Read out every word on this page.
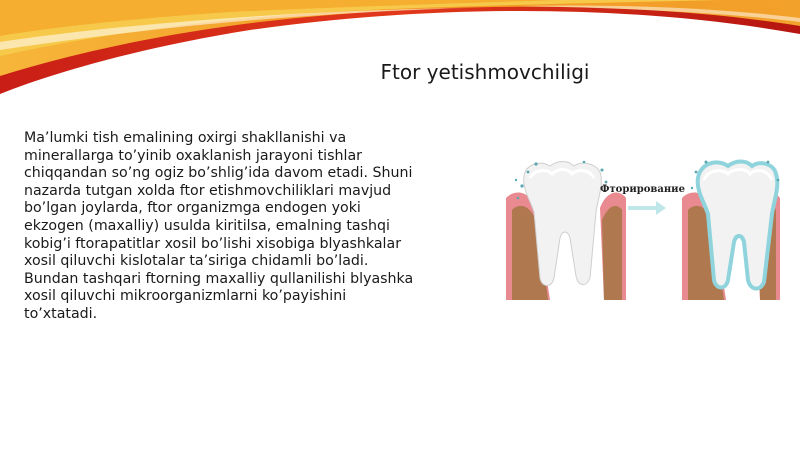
Ftor yetishmovchiligi
Ma’lumki tish emalining oxirgi shakllanishi va minerallarga to’yinib oxaklanish jarayoni tishlar chiqqandan so’ng ogiz bo’shlig’ida davom etadi. Shuni nazarda tutgan xolda ftor etishmovchiliklari mavjud bo’lgan joylarda, ftor organizmga endogen yoki ekzogen (maxalliy) usulda kiritilsa, emalning tashqi kobig’i ftorapatitlar xosil bo’lishi xisobiga blyashkalar xosil qiluvchi kislotalar ta’siriga chidamli bo’ladi. Bundan tashqari ftorning maxalliy qullanilishi blyashka xosil qiluvchi mikroorganizmlarni ko’payishini to’xtatadi.
Фторирование
